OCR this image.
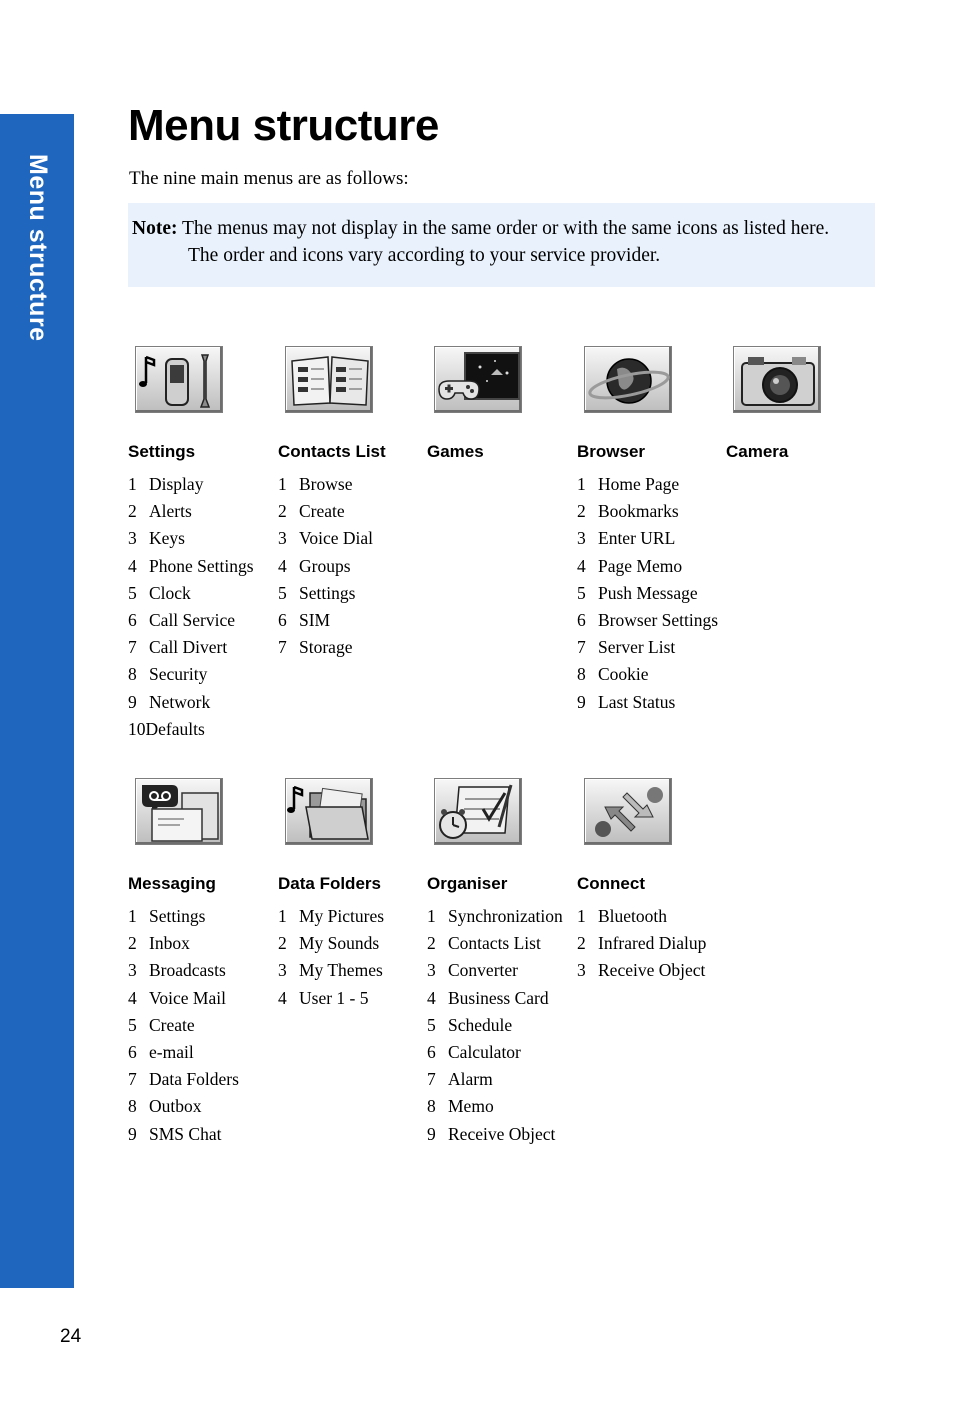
Menu structure
Menu structure
The nine main menus are as follows:
Note: The menus may not display in the same order or with the same icons as listed here.
The order and icons vary according to your service provider.
Settings
1 Display
2 Alerts
3 Keys
4 Phone Settings
5 Clock
6 Call Service
7 Call Divert
8 Security
9 Network
10Defaults
Contacts List
1 Browse
2 Create
3 Voice Dial
4 Groups
5 Settings
6 SIM
7 Storage
Games	Browser
1 Home Page
2 Bookmarks
3 Enter URL
4 Page Memo
5 Push Message
6 Browser Settings
7 Server List
8 Cookie
9 Last Status
Camera
Messaging
1 Settings
2 Inbox
3 Broadcasts
4 Voice Mail
5 Create
6 e-mail
7 Data Folders
8 Outbox
9 SMS Chat
Data Folders
1 My Pictures
2 My Sounds
3 My Themes
4 User 1 - 5
Organiser
1 Synchronization
2 Contacts List
3 Converter
4 Business Card
5 Schedule
6 Calculator
7 Alarm
8 Memo
9 Receive Object
Connect
1 Bluetooth
2 Infrared Dialup
3 Receive Object
24
